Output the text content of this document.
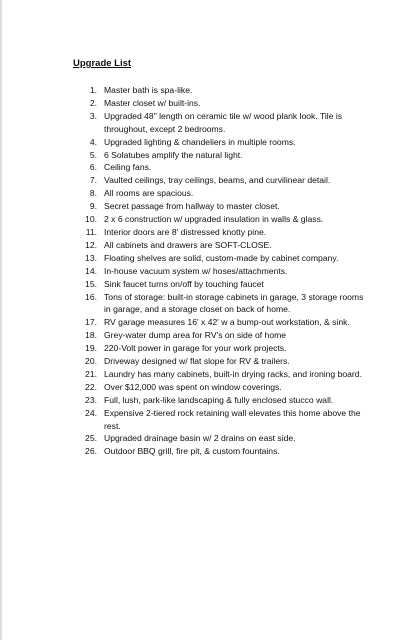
Upgrade List
1. Master bath is spa-like.
2. Master closet w/ built-ins.
3. Upgraded 48" length on ceramic tile w/ wood plank look. Tile is
throughout, except 2 bedrooms.
4. Upgraded lighting & chandeliers in multiple rooms.
5. 6 Solatubes amplify the natural light.
6. Ceiling fans.
7. Vaulted ceilings, tray ceilings, beams, and curvilinear detail.
8. All rooms are spacious.
9. Secret passage from hallway to master closet.
10. 2 x 6 construction w/ upgraded insulation in walls & glass.
11. Interior doors are 8' distressed knotty pine.
12. All cabinets and drawers are SOFT-CLOSE.
13. Floating shelves are solid, custom-made by cabinet company.
14. In-house vacuum system w/ hoses/attachments.
15. Sink faucet turns on/off by touching faucet
16. Tons of storage: built-in storage cabinets in garage, 3 storage rooms
in garage, and a storage closet on back of home.
17. RV garage measures 16' x 42' w a bump-out workstation, & sink.
18. Grey-water dump area for RV's on side of home
19. 220-Volt power in garage for your work projects.
20. Driveway designed w/ flat slope for RV & trailers.
21. Laundry has many cabinets, built-in drying racks, and ironing board.
22. Over $12,000 was spent on window coverings.
23. Full, lush, park-like landscaping & fully enclosed stucco wall.
24. Expensive 2-tiered rock retaining wall elevates this home above the
rest.
25. Upgraded drainage basin w/ 2 drains on east side.
26. Outdoor BBQ grill, fire pit, & custom fountains.
